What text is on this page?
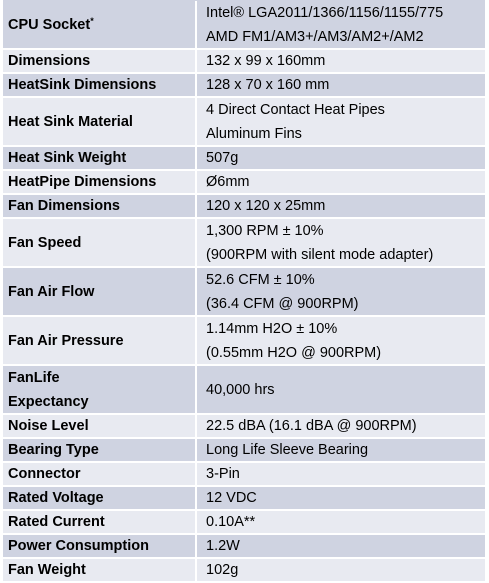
CPU Socket*	Intel® LGA2011/1366/1156/1155/775
AMD FM1/AM3+/AM3/AM2+/AM2

Dimensions	132 x 99 x 160mm
HeatSink Dimensions	128 x 70 x 160 mm
Heat Sink Material	4 Direct Contact Heat Pipes
Aluminum Fins

Heat Sink Weight	507g
HeatPipe Dimensions	Ø6mm
Fan Dimensions	120 x 120 x 25mm
Fan Speed	1,300 RPM ± 10%
(900RPM with silent mode adapter)

Fan Air Flow	52.6 CFM ± 10%
(36.4 CFM @ 900RPM)

Fan Air Pressure	1.14mm H2O ± 10%
(0.55mm H2O @ 900RPM)

FanLife
Expectancy	40,000 hrs
Noise Level	22.5 dBA (16.1 dBA @ 900RPM)
Bearing Type	Long Life Sleeve Bearing
Connector	3-Pin
Rated Voltage	12 VDC
Rated Current	0.10A**
Power Consumption	1.2W
Fan Weight	102g
